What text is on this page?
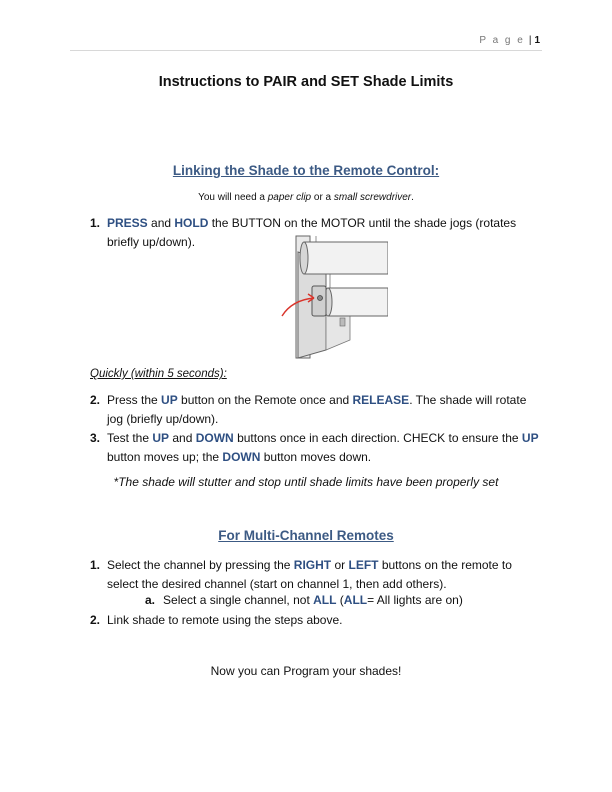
P a g e | 1
Instructions to PAIR and SET Shade Limits
Linking the Shade to the Remote Control:
You will need a paper clip or a small screwdriver.
1. PRESS and HOLD the BUTTON on the MOTOR until the shade jogs (rotates briefly up/down).
Quickly (within 5 seconds):
2. Press the UP button on the Remote once and RELEASE. The shade will rotate jog (briefly up/down).
3. Test the UP and DOWN buttons once in each direction. CHECK to ensure the UP button moves up; the DOWN button moves down.
*The shade will stutter and stop until shade limits have been properly set
For Multi-Channel Remotes
1. Select the channel by pressing the RIGHT or LEFT buttons on the remote to select the desired channel (start on channel 1, then add others).
a. Select a single channel, not ALL (ALL= All lights are on)
2. Link shade to remote using the steps above.
Now you can Program your shades!
